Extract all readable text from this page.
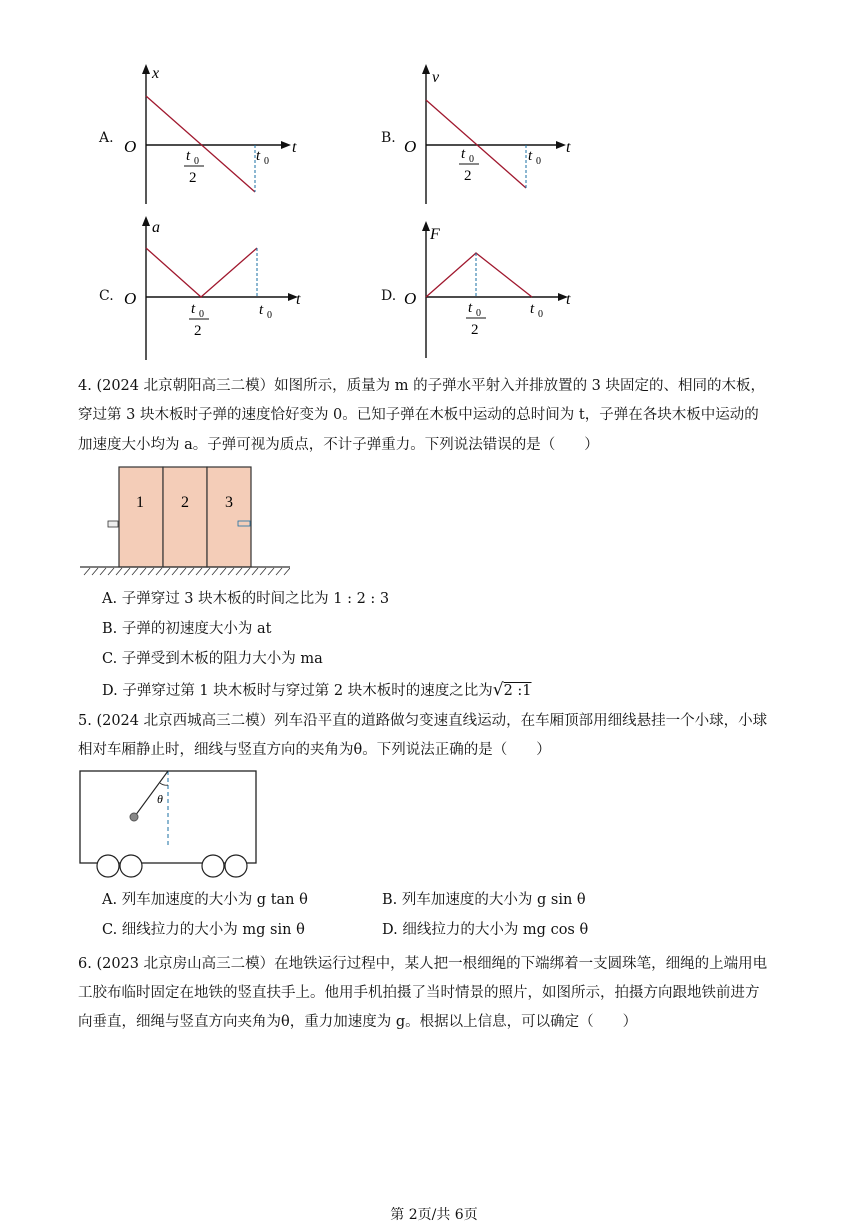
A.
x
O	t
t 0
t 0
2
B.
v
O	t
t 0
t 0
2
C.
a
O	t
t 0
t 0
2
D.
F
O	t
t 0
t 0
2
4. (2024 北京朝阳高三二模）如图所示，质量为 m 的子弹水平射入并排放置的 3 块固定的、相同的木板，
穿过第 3 块木板时子弹的速度恰好变为 0。已知子弹在木板中运动的总时间为 t，子弹在各块木板中运动的
加速度大小均为 a。子弹可视为质点，不计子弹重力。下列说法错误的是（　　）
1 2 3
A. 子弹穿过 3 块木板的时间之比为 1 : 2 : 3
B. 子弹的初速度大小为 at
C. 子弹受到木板的阻力大小为 ma
D. 子弹穿过第 1 块木板时与穿过第 2 块木板时的速度之比为√2 :1
5. (2024 北京西城高三二模）列车沿平直的道路做匀变速直线运动，在车厢顶部用细线悬挂一个小球，小球
相对车厢静止时，细线与竖直方向的夹角为θ。下列说法正确的是（　　）
θ
A. 列车加速度的大小为 g tan θ	B. 列车加速度的大小为 g sin θ
C. 细线拉力的大小为 mg sin θ	D. 细线拉力的大小为 mg cos θ
6. (2023 北京房山高三二模）在地铁运行过程中，某人把一根细绳的下端绑着一支圆珠笔，细绳的上端用电
工胶布临时固定在地铁的竖直扶手上。他用手机拍摄了当时情景的照片，如图所示，拍摄方向跟地铁前进方
向垂直，细绳与竖直方向夹角为θ，重力加速度为 g。根据以上信息，可以确定（　　）
第 2页/共 6页
